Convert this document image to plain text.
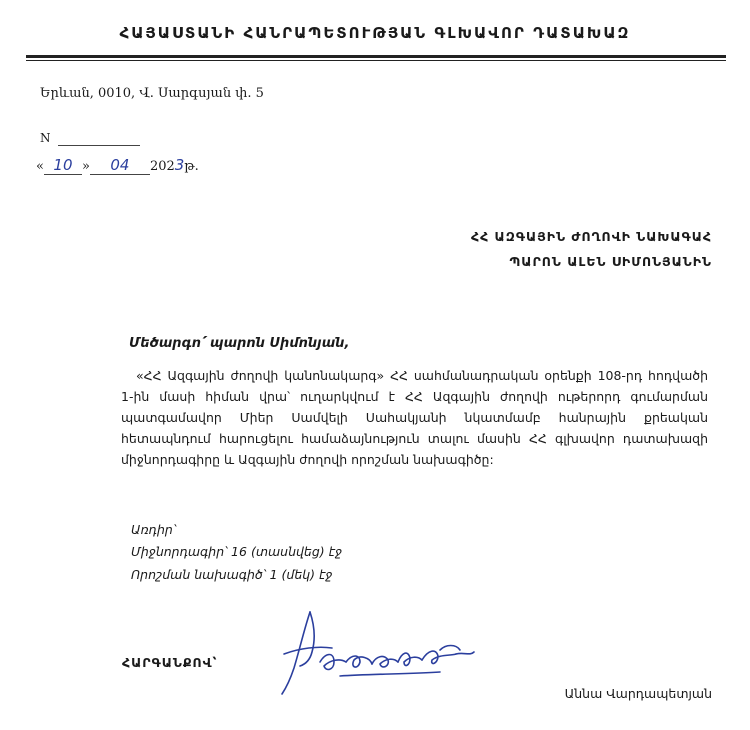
ՀԱՅԱՍՏԱՆԻ ՀԱՆՐԱՊԵՏՈՒԹՅԱՆ ԳԼԽԱՎՈՐ ԴԱՏԱԽԱԶ
Երևան, 0010, Վ. Սարգսյան փ. 5
N
« 10 » 04 2023թ.
ՀՀ ԱԶԳԱՅԻՆ ԺՈՂՈՎԻ ՆԱԽԱԳԱՀ
ՊԱՐՈՆ ԱԼԵՆ ՍԻՄՈՆՅԱՆԻՆ
Մեծարգո՛ պարոն Սիմոնյան,
«ՀՀ Ազգային ժողովի կանոնակարգ» ՀՀ սահմանադրական օրենքի 108-րդ հոդվածի 1-ին մասի հիման վրա՝ ուղարկվում է ՀՀ Ազգային ժողովի ութերորդ գումարման պատգամավոր Միեր Սամվելի Սահակյանի նկատմամբ հանրային քրեական հետապնդում հարուցելու համաձայնություն տալու մասին ՀՀ գլխավոր դատախազի միջնորդագիրը և Ազգային ժողովի որոշման նախագիծը:
Առդիր՝
Միջնորդագիր՝ 16 (տասնվեց) էջ
Որոշման նախագիծ՝ 1 (մեկ) էջ
ՀԱՐԳԱՆՔՈՎ՝
Աննա Վարդապետյան
